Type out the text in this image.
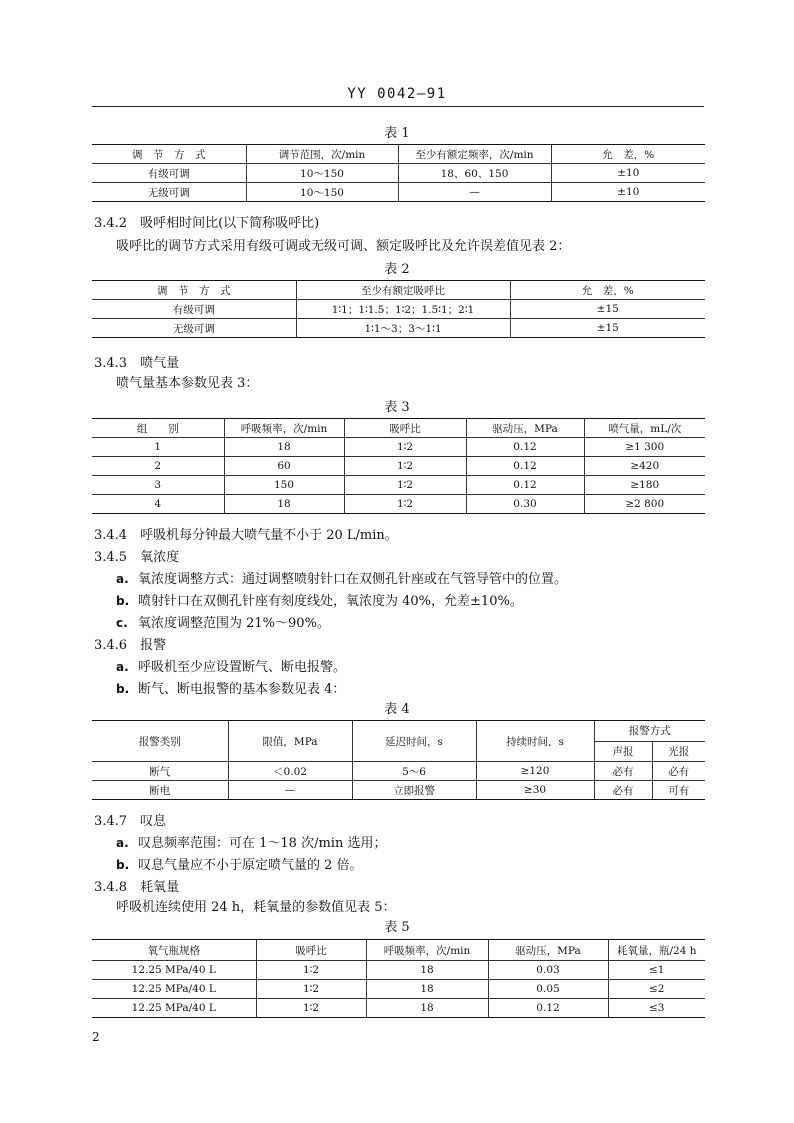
YY 0042—91
表 1
调　节　方　式	调节范围，次/min	至少有额定频率，次/min	允　差，%
有级可调	10～150	18、60、150	±10
无级可调	10～150	—	±10
3.4.2　吸呼相时间比(以下简称吸呼比)
吸呼比的调节方式采用有级可调或无级可调、额定吸呼比及允许误差值见表 2：
表 2
调　节　方　式	至少有额定吸呼比	允　差，%
有级可调	1∶1；1∶1.5；1∶2；1.5∶1；2∶1	±15
无级可调	1∶1～3；3～1∶1	±15
3.4.3　喷气量
喷气量基本参数见表 3：
表 3
组　　别	呼吸频率，次/min	吸呼比	驱动压，MPa	喷气量，mL/次
1	18	1∶2	0.12	≥1 300
2	60	1∶2	0.12	≥420
3	150	1∶2	0.12	≥180
4	18	1∶2	0.30	≥2 800
3.4.4　呼吸机每分钟最大喷气量不小于 20 L/min。
3.4.5　氧浓度
a. 氧浓度调整方式：通过调整喷射针口在双侧孔针座或在气管导管中的位置。
b. 喷射针口在双侧孔针座有刻度线处，氧浓度为 40%，允差±10%。
c. 氧浓度调整范围为 21%～90%。
3.4.6　报警
a. 呼吸机至少应设置断气、断电报警。
b. 断气、断电报警的基本参数见表 4：
表 4
报警类别	限值，MPa	延迟时间，s	持续时间，s	报警方式	
				声报	光报
断气	＜0.02	5～6	≥120	必有	必有
断电	—	立即报警	≥30	必有	可有
3.4.7　叹息
a. 叹息频率范围：可在 1～18 次/min 选用；
b. 叹息气量应不小于原定喷气量的 2 倍。
3.4.8　耗氧量
呼吸机连续使用 24 h，耗氧量的参数值见表 5：
表 5
氧气瓶规格	吸呼比	呼吸频率，次/min	驱动压，MPa	耗氧量，瓶/24 h
12.25 MPa/40 L	1∶2	18	0.03	≤1
12.25 MPa/40 L	1∶2	18	0.05	≤2
12.25 MPa/40 L	1∶2	18	0.12	≤3
2
